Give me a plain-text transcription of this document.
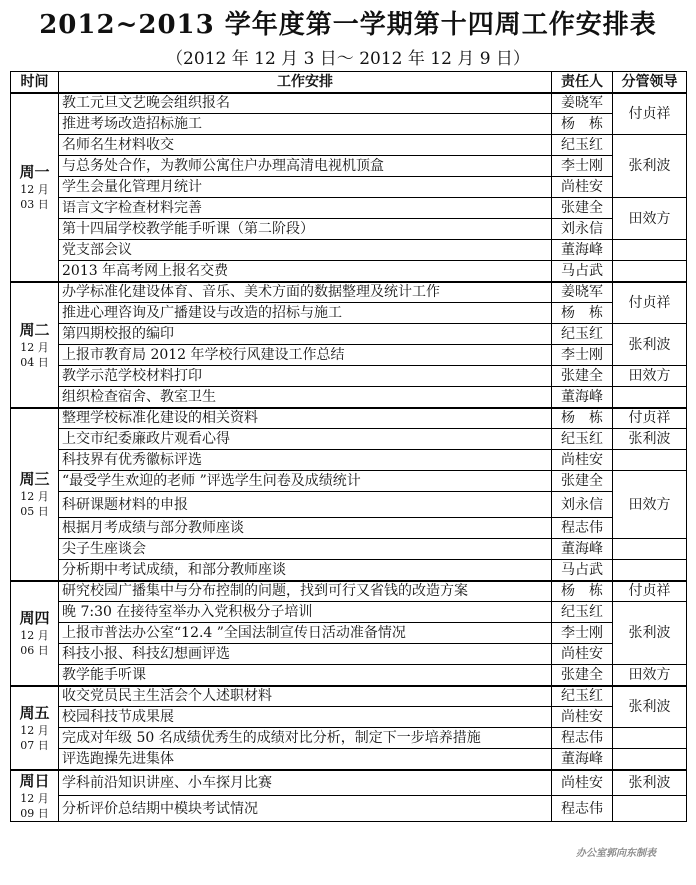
2012~2013 学年度第一学期第十四周工作安排表
（2012 年 12 月 3 日～ 2012 年 12 月 9 日）
时间	工作安排	责任人	分管领导

周一
12 月
03 日	教工元旦文艺晚会组织报名	姜晓军	付贞祥
	推进考场改造招标施工	杨　栋	
	名师名生材料收交	纪玉红	张利波
	与总务处合作，为教师公寓住户办理高清电视机顶盒	李士刚	
	学生会量化管理月统计	尚桂安	
	语言文字检查材料完善	张建全	田效方
	第十四届学校教学能手听课（第二阶段）	刘永信	
	党支部会议	董海峰	
	2013 年高考网上报名交费	马占武	

周二
12 月
04 日	办学标准化建设体育、音乐、美术方面的数据整理及统计工作	姜晓军	付贞祥
	推进心理咨询及广播建设与改造的招标与施工	杨　栋	
	第四期校报的编印	纪玉红	张利波
	上报市教育局 2012 年学校行风建设工作总结	李士刚	
	教学示范学校材料打印	张建全	田效方
	组织检查宿舍、教室卫生	董海峰	

周三
12 月
05 日	整理学校标准化建设的相关资料	杨　栋	付贞祥
	上交市纪委廉政片观看心得	纪玉红	张利波
	科技界有优秀徽标评选	尚桂安	
	“最受学生欢迎的老师 ”评选学生问卷及成绩统计	张建全	田效方
	科研课题材料的申报	刘永信	
	根据月考成绩与部分教师座谈	程志伟	
	尖子生座谈会	董海峰	
	分析期中考试成绩，和部分教师座谈	马占武	

周四
12 月
06 日	研究校园广播集中与分布控制的问题，找到可行又省钱的改造方案	杨　栋	付贞祥
	晚 7:30 在接待室举办入党积极分子培训	纪玉红	张利波
	上报市普法办公室“12.4 ”全国法制宣传日活动准备情况	李士刚	
	科技小报、科技幻想画评选	尚桂安	
	教学能手听课	张建全	田效方

周五
12 月
07 日	收交党员民主生活会个人述职材料	纪玉红	张利波
	校园科技节成果展	尚桂安	
	完成对年级 50 名成绩优秀生的成绩对比分析，制定下一步培养措施	程志伟	
	评选跑操先进集体	董海峰	

周日
12 月
09 日	学科前沿知识讲座、小车探月比赛	尚桂安	张利波
	分析评价总结期中模块考试情况	程志伟	
办公室郭向东制表
